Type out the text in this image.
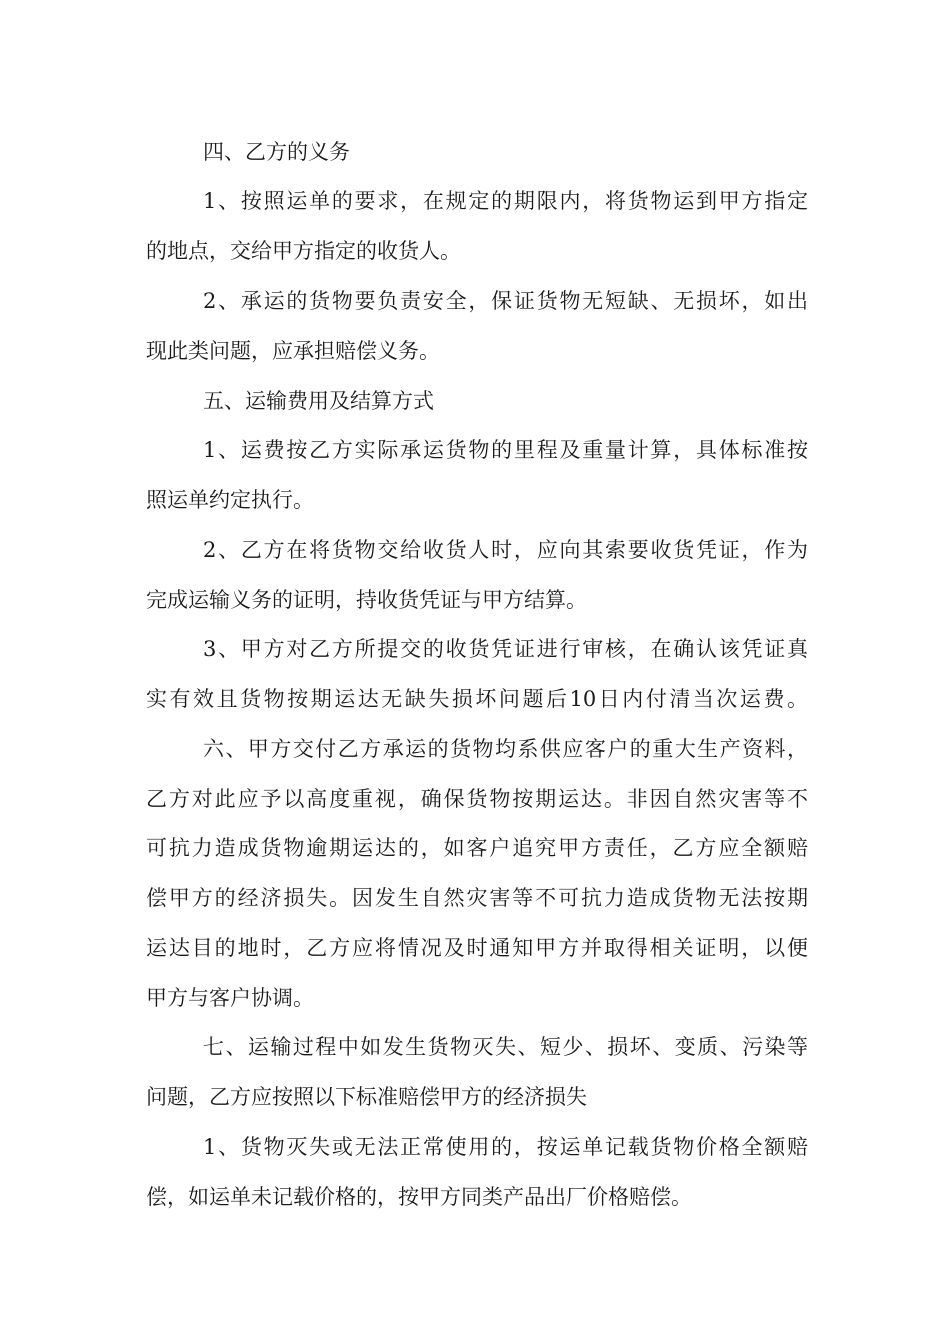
四、乙方的义务
1、按照运单的要求，在规定的期限内，将货物运到甲方指定
的地点，交给甲方指定的收货人。
2、承运的货物要负责安全，保证货物无短缺、无损坏，如出
现此类问题，应承担赔偿义务。
五、运输费用及结算方式
1、运费按乙方实际承运货物的里程及重量计算，具体标准按
照运单约定执行。
2、乙方在将货物交给收货人时，应向其索要收货凭证，作为
完成运输义务的证明，持收货凭证与甲方结算。
3、甲方对乙方所提交的收货凭证进行审核，在确认该凭证真
实有效且货物按期运达无缺失损坏问题后10日内付清当次运费。
六、甲方交付乙方承运的货物均系供应客户的重大生产资料，
乙方对此应予以高度重视，确保货物按期运达。非因自然灾害等不
可抗力造成货物逾期运达的，如客户追究甲方责任，乙方应全额赔
偿甲方的经济损失。因发生自然灾害等不可抗力造成货物无法按期
运达目的地时，乙方应将情况及时通知甲方并取得相关证明，以便
甲方与客户协调。
七、运输过程中如发生货物灭失、短少、损坏、变质、污染等
问题，乙方应按照以下标准赔偿甲方的经济损失
1、货物灭失或无法正常使用的，按运单记载货物价格全额赔
偿，如运单未记载价格的，按甲方同类产品出厂价格赔偿。
